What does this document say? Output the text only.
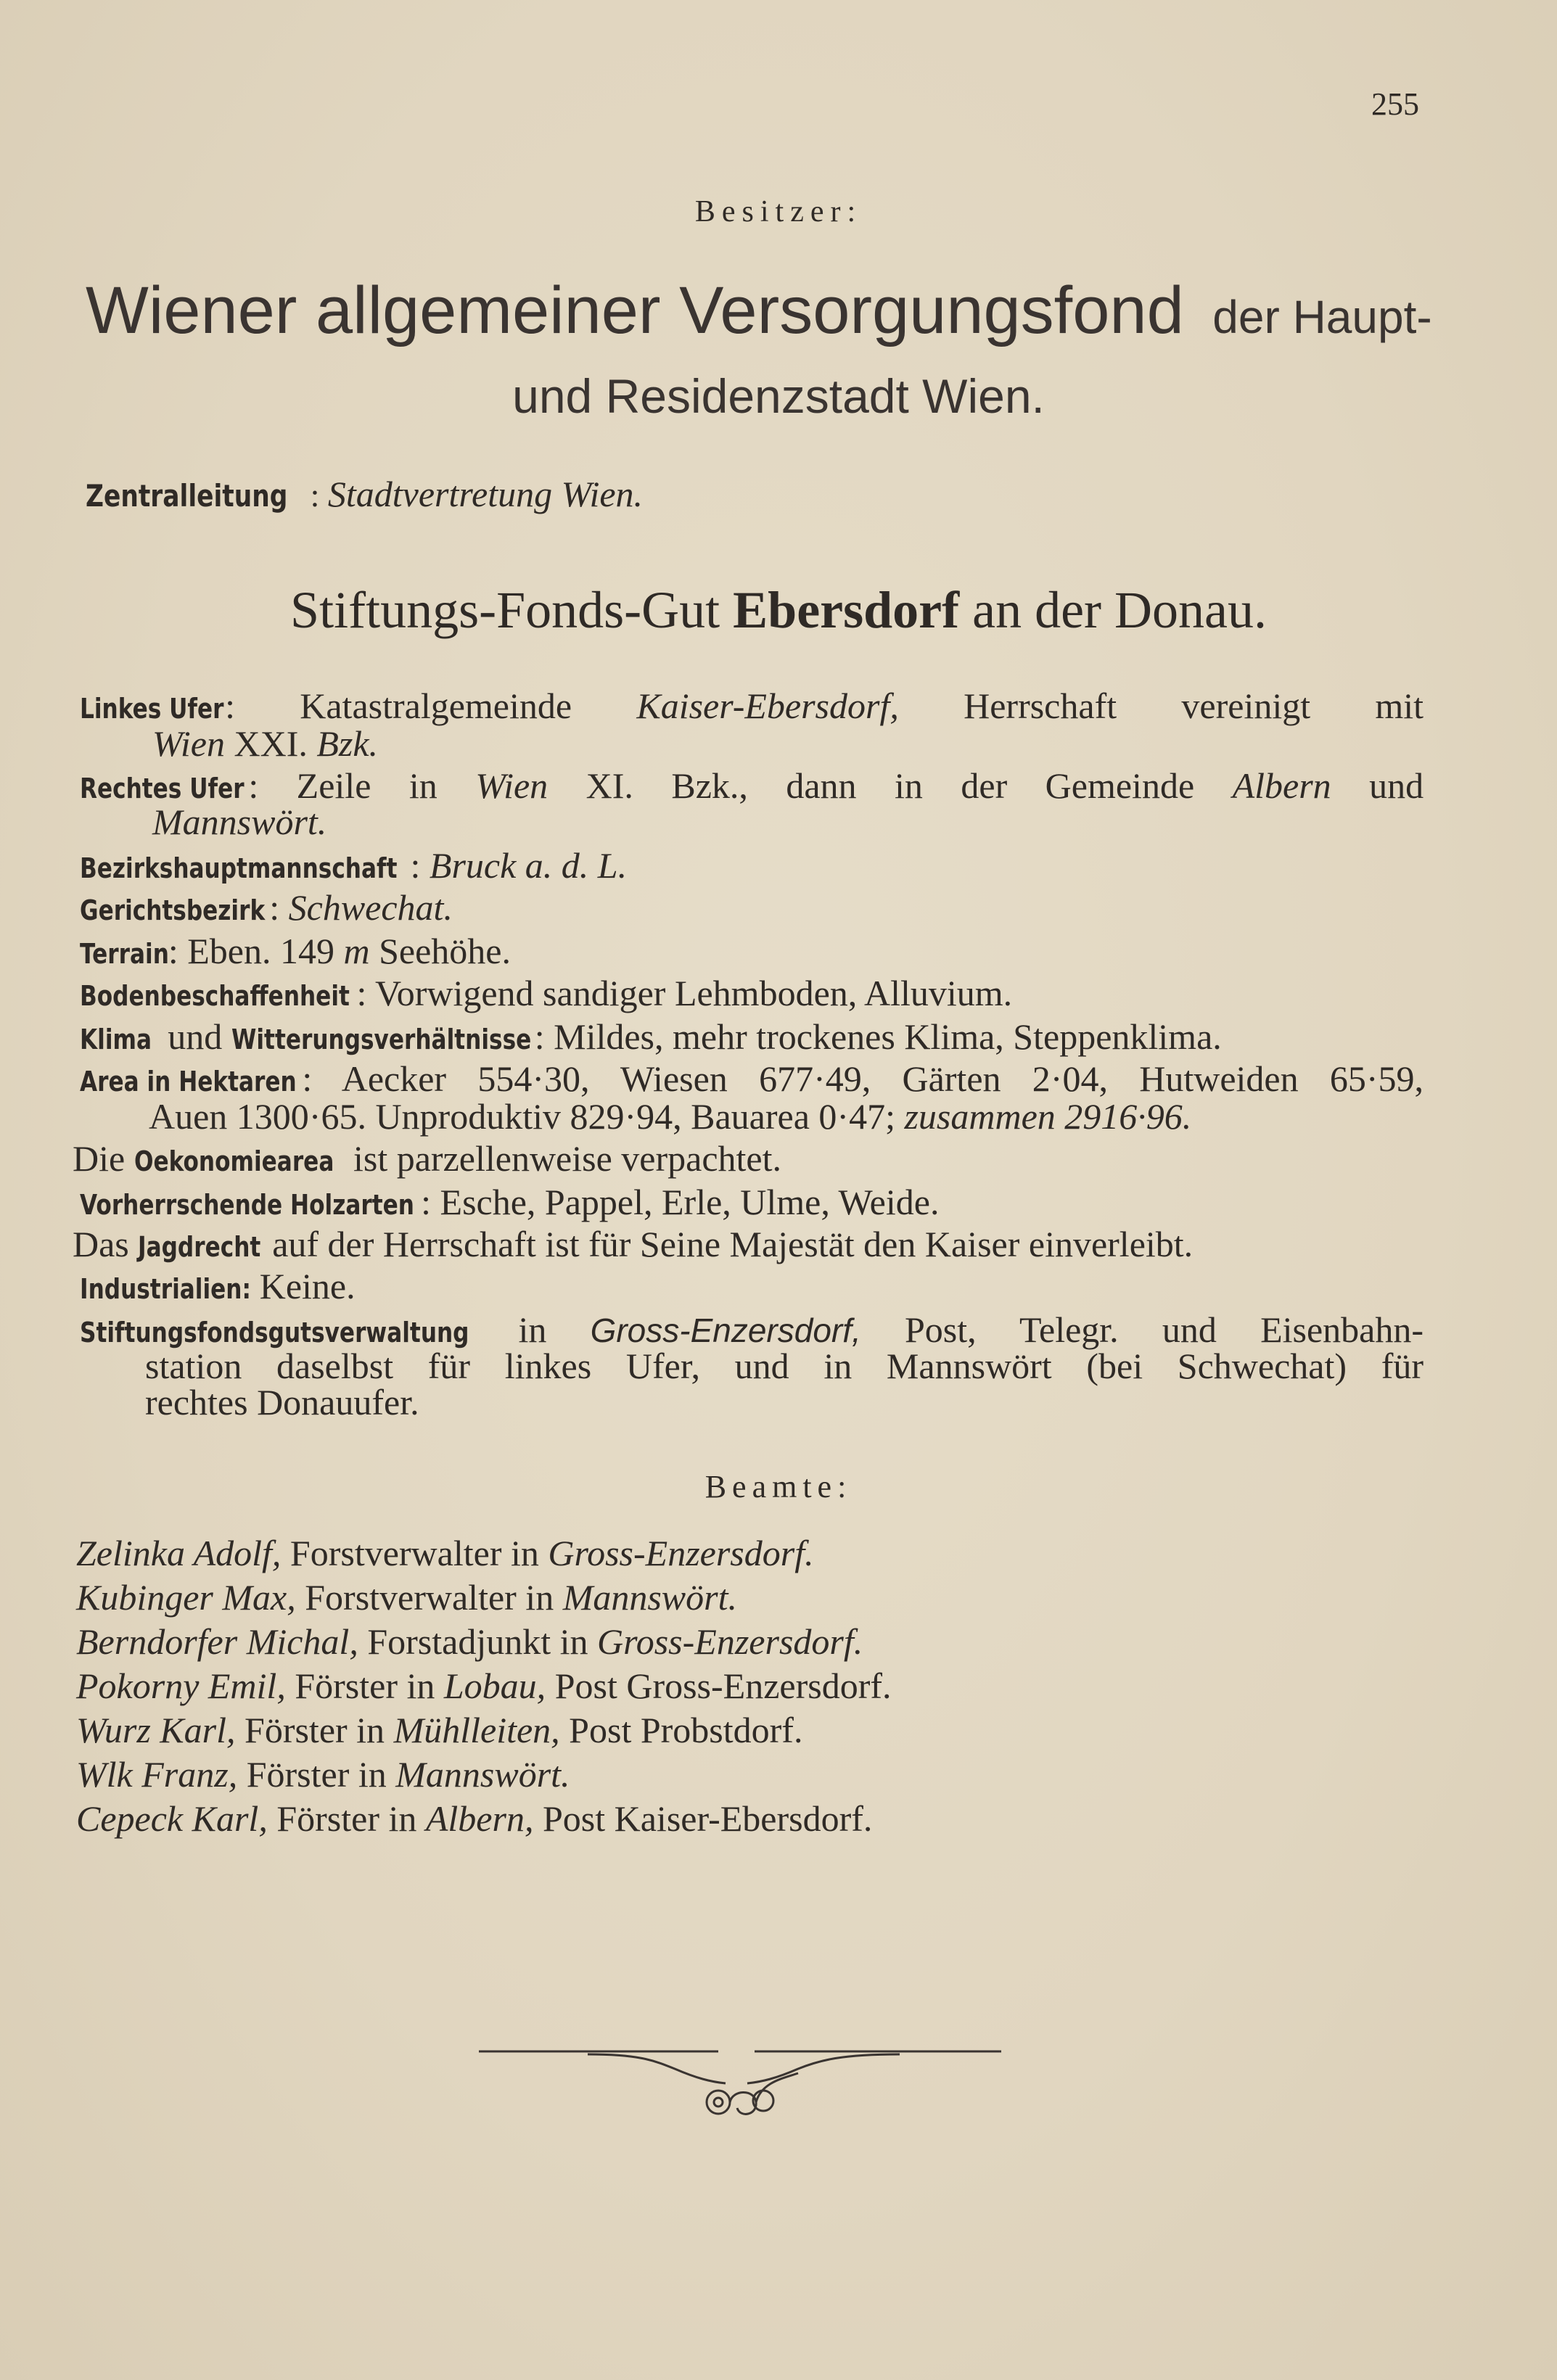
255
Besitzer:
Wiener allgemeiner Versorgungsfond der Haupt-
und Residenzstadt Wien.
Zentralleitung : Stadtvertretung Wien.
Stiftungs-Fonds-Gut Ebersdorf an der Donau.
Linkes Ufer: Katastralgemeinde Kaiser-Ebersdorf, Herrschaft vereinigt mit
Wien XXI. Bzk.
Rechtes Ufer : Zeile in Wien XI. Bzk., dann in der Gemeinde Albern und
Mannswört.
Bezirkshauptmannschaft : Bruck a. d. L.
Gerichtsbezirk : Schwechat.
Terrain: Eben. 149 m Seehöhe.
Bodenbeschaffenheit : Vorwigend sandiger Lehmboden, Alluvium.
Klima und Witterungsverhältnisse: Mildes, mehr trockenes Klima, Steppenklima.
Area in Hektaren : Aecker 554·30, Wiesen 677·49, Gärten 2·04, Hutweiden 65·59,
Auen 1300·65. Unproduktiv 829·94, Bauarea 0·47; zusammen 2916·96.
Die Oekonomiearea ist parzellenweise verpachtet.
Vorherrschende Holzarten : Esche, Pappel, Erle, Ulme, Weide.
Das Jagdrecht auf der Herrschaft ist für Seine Majestät den Kaiser einverleibt.
Industrialien: Keine.
Stiftungsfondsgutsverwaltung in Gross-Enzersdorf, Post, Telegr. und Eisenbahn-
station daselbst für linkes Ufer, und in Mannswört (bei Schwechat) für
rechtes Donauufer.
Beamte:
Zelinka Adolf, Forstverwalter in Gross-Enzersdorf.
Kubinger Max, Forstverwalter in Mannswört.
Berndorfer Michal, Forstadjunkt in Gross-Enzersdorf.
Pokorny Emil, Förster in Lobau, Post Gross-Enzersdorf.
Wurz Karl, Förster in Mühlleiten, Post Probstdorf.
Wlk Franz, Förster in Mannswört.
Cepeck Karl, Förster in Albern, Post Kaiser-Ebersdorf.
